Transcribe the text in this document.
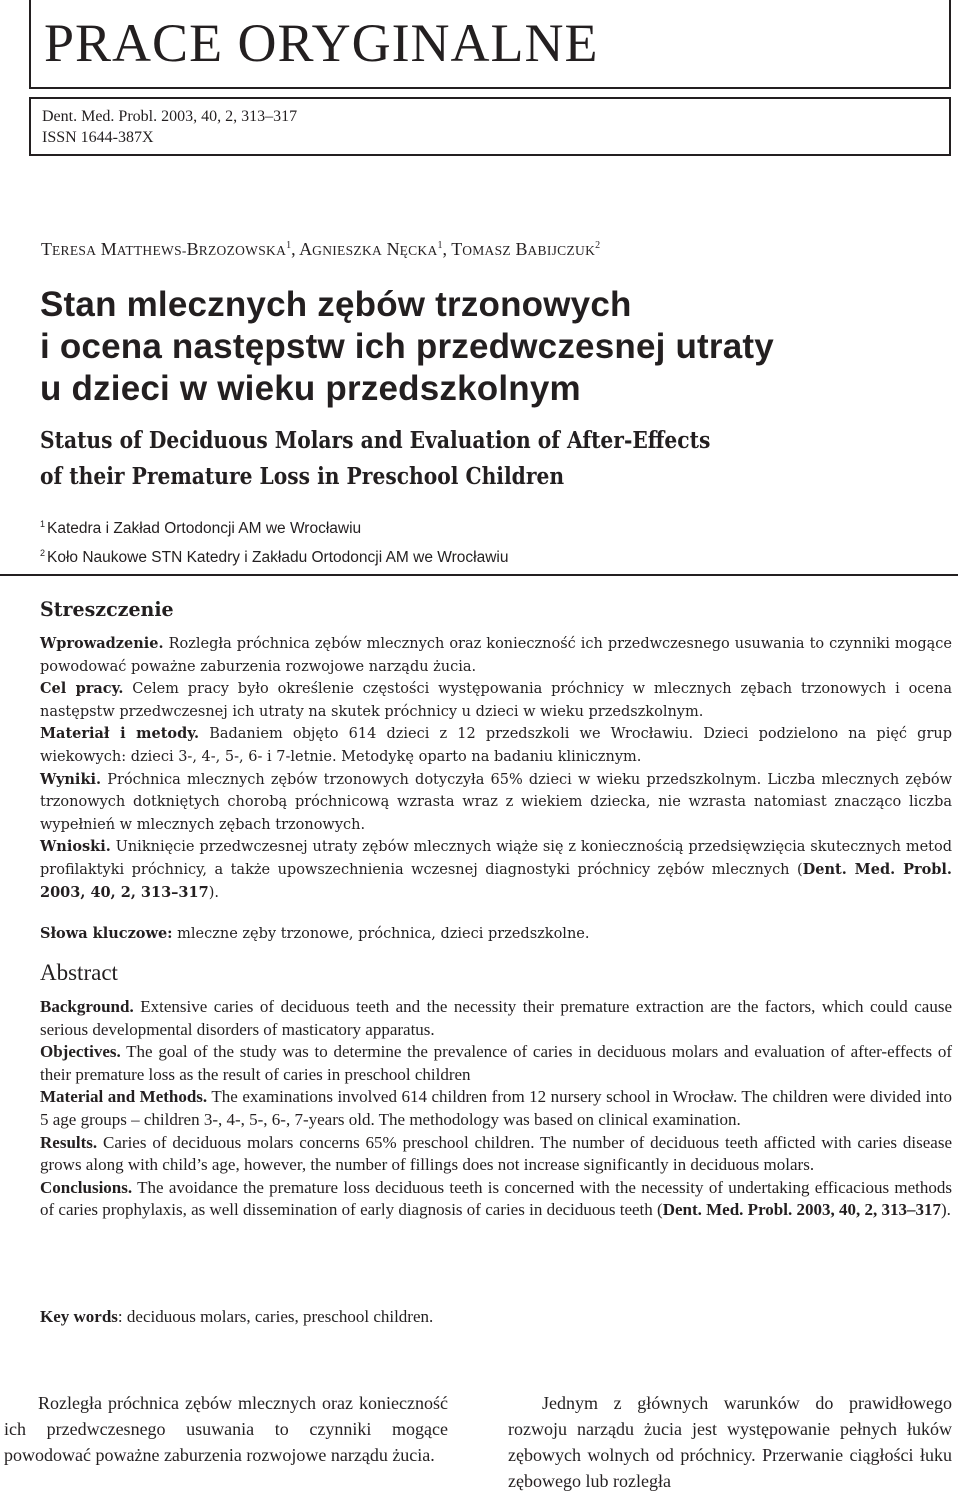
PRACE ORYGINALNE
Dent. Med. Probl. 2003, 40, 2, 313–317
ISSN 1644-387X
TERESA MATTHEWS-BRZOZOWSKA$^1$, AGNIESZKA NĘCKA$^1$, TOMASZ BABIJCZUK$^2$
Stan mlecznych zębów trzonowych
i ocena następstw ich przedwczesnej utraty
u dzieci w wieku przedszkolnym
Status of Deciduous Molars and Evaluation of After-Effects
of their Premature Loss in Preschool Children
$^1$ Katedra i Zakład Ortodoncji AM we Wrocławiu
$^2$ Koło Naukowe STN Katedry i Zakładu Ortodoncji AM we Wrocławiu
Streszczenie

Wprowadzenie. Rozległa próchnica zębów mlecznych oraz konieczność ich przedwczesnego usuwania to czynniki mogące powodować poważne zaburzenia rozwojowe narządu żucia.

Cel pracy. Celem pracy było określenie częstości występowania próchnicy w mlecznych zębach trzonowych i ocena następstw przedwczesnej ich utraty na skutek próchnicy u dzieci w wieku przedszkolnym.

Materiał i metody. Badaniem objęto 614 dzieci z 12 przedszkoli we Wrocławiu. Dzieci podzielono na pięć grup wiekowych: dzieci 3-, 4-, 5-, 6- i 7-letnie. Metodykę oparto na badaniu klinicznym.

Wyniki. Próchnica mlecznych zębów trzonowych dotyczyła 65% dzieci w wieku przedszkolnym. Liczba mlecznych zębów trzonowych dotkniętych chorobą próchnicową wzrasta wraz z wiekiem dziecka, nie wzrasta natomiast znacząco liczba wypełnień w mlecznych zębach trzonowych.

Wnioski. Uniknięcie przedwczesnej utraty zębów mlecznych wiąże się z koniecznością przedsięwzięcia skutecznych metod profilaktyki próchnicy, a także upowszechnienia wczesnej diagnostyki próchnicy zębów mlecznych (Dent. Med. Probl. 2003, 40, 2, 313–317).

Słowa kluczowe: mleczne zęby trzonowe, próchnica, dzieci przedszkolne.
Abstract

Background. Extensive caries of deciduous teeth and the necessity their premature extraction are the factors, which could cause serious developmental disorders of masticatory apparatus.

Objectives. The goal of the study was to determine the prevalence of caries in deciduous molars and evaluation of after-effects of their premature loss as the result of caries in preschool children

Material and Methods. The examinations involved 614 children from 12 nursery school in Wrocław. The children were divided into 5 age groups – children 3-, 4-, 5-, 6-, 7-years old. The methodology was based on clinical examination.

Results. Caries of deciduous molars concerns 65% preschool children. The number of deciduous teeth afficted with caries disease grows along with child’s age, however, the number of fillings does not increase significantly in deciduous molars.

Conclusions. The avoidance the premature loss deciduous teeth is concerned with the necessity of undertaking efficacious methods of caries prophylaxis, as well dissemination of early diagnosis of caries in deciduous teeth (Dent. Med. Probl. 2003, 40, 2, 313–317).

Key words: deciduous molars, caries, preschool children.
Rozległa próchnica zębów mlecznych oraz konieczność ich przedwczesnego usuwania to czynniki mogące powodować poważne zaburzenia rozwojowe narządu żucia.
Jednym z głównych warunków do prawidłowego rozwoju narządu żucia jest występowanie pełnych łuków zębowych wolnych od próchnicy. Przerwanie ciągłości łuku zębowego lub rozległa
